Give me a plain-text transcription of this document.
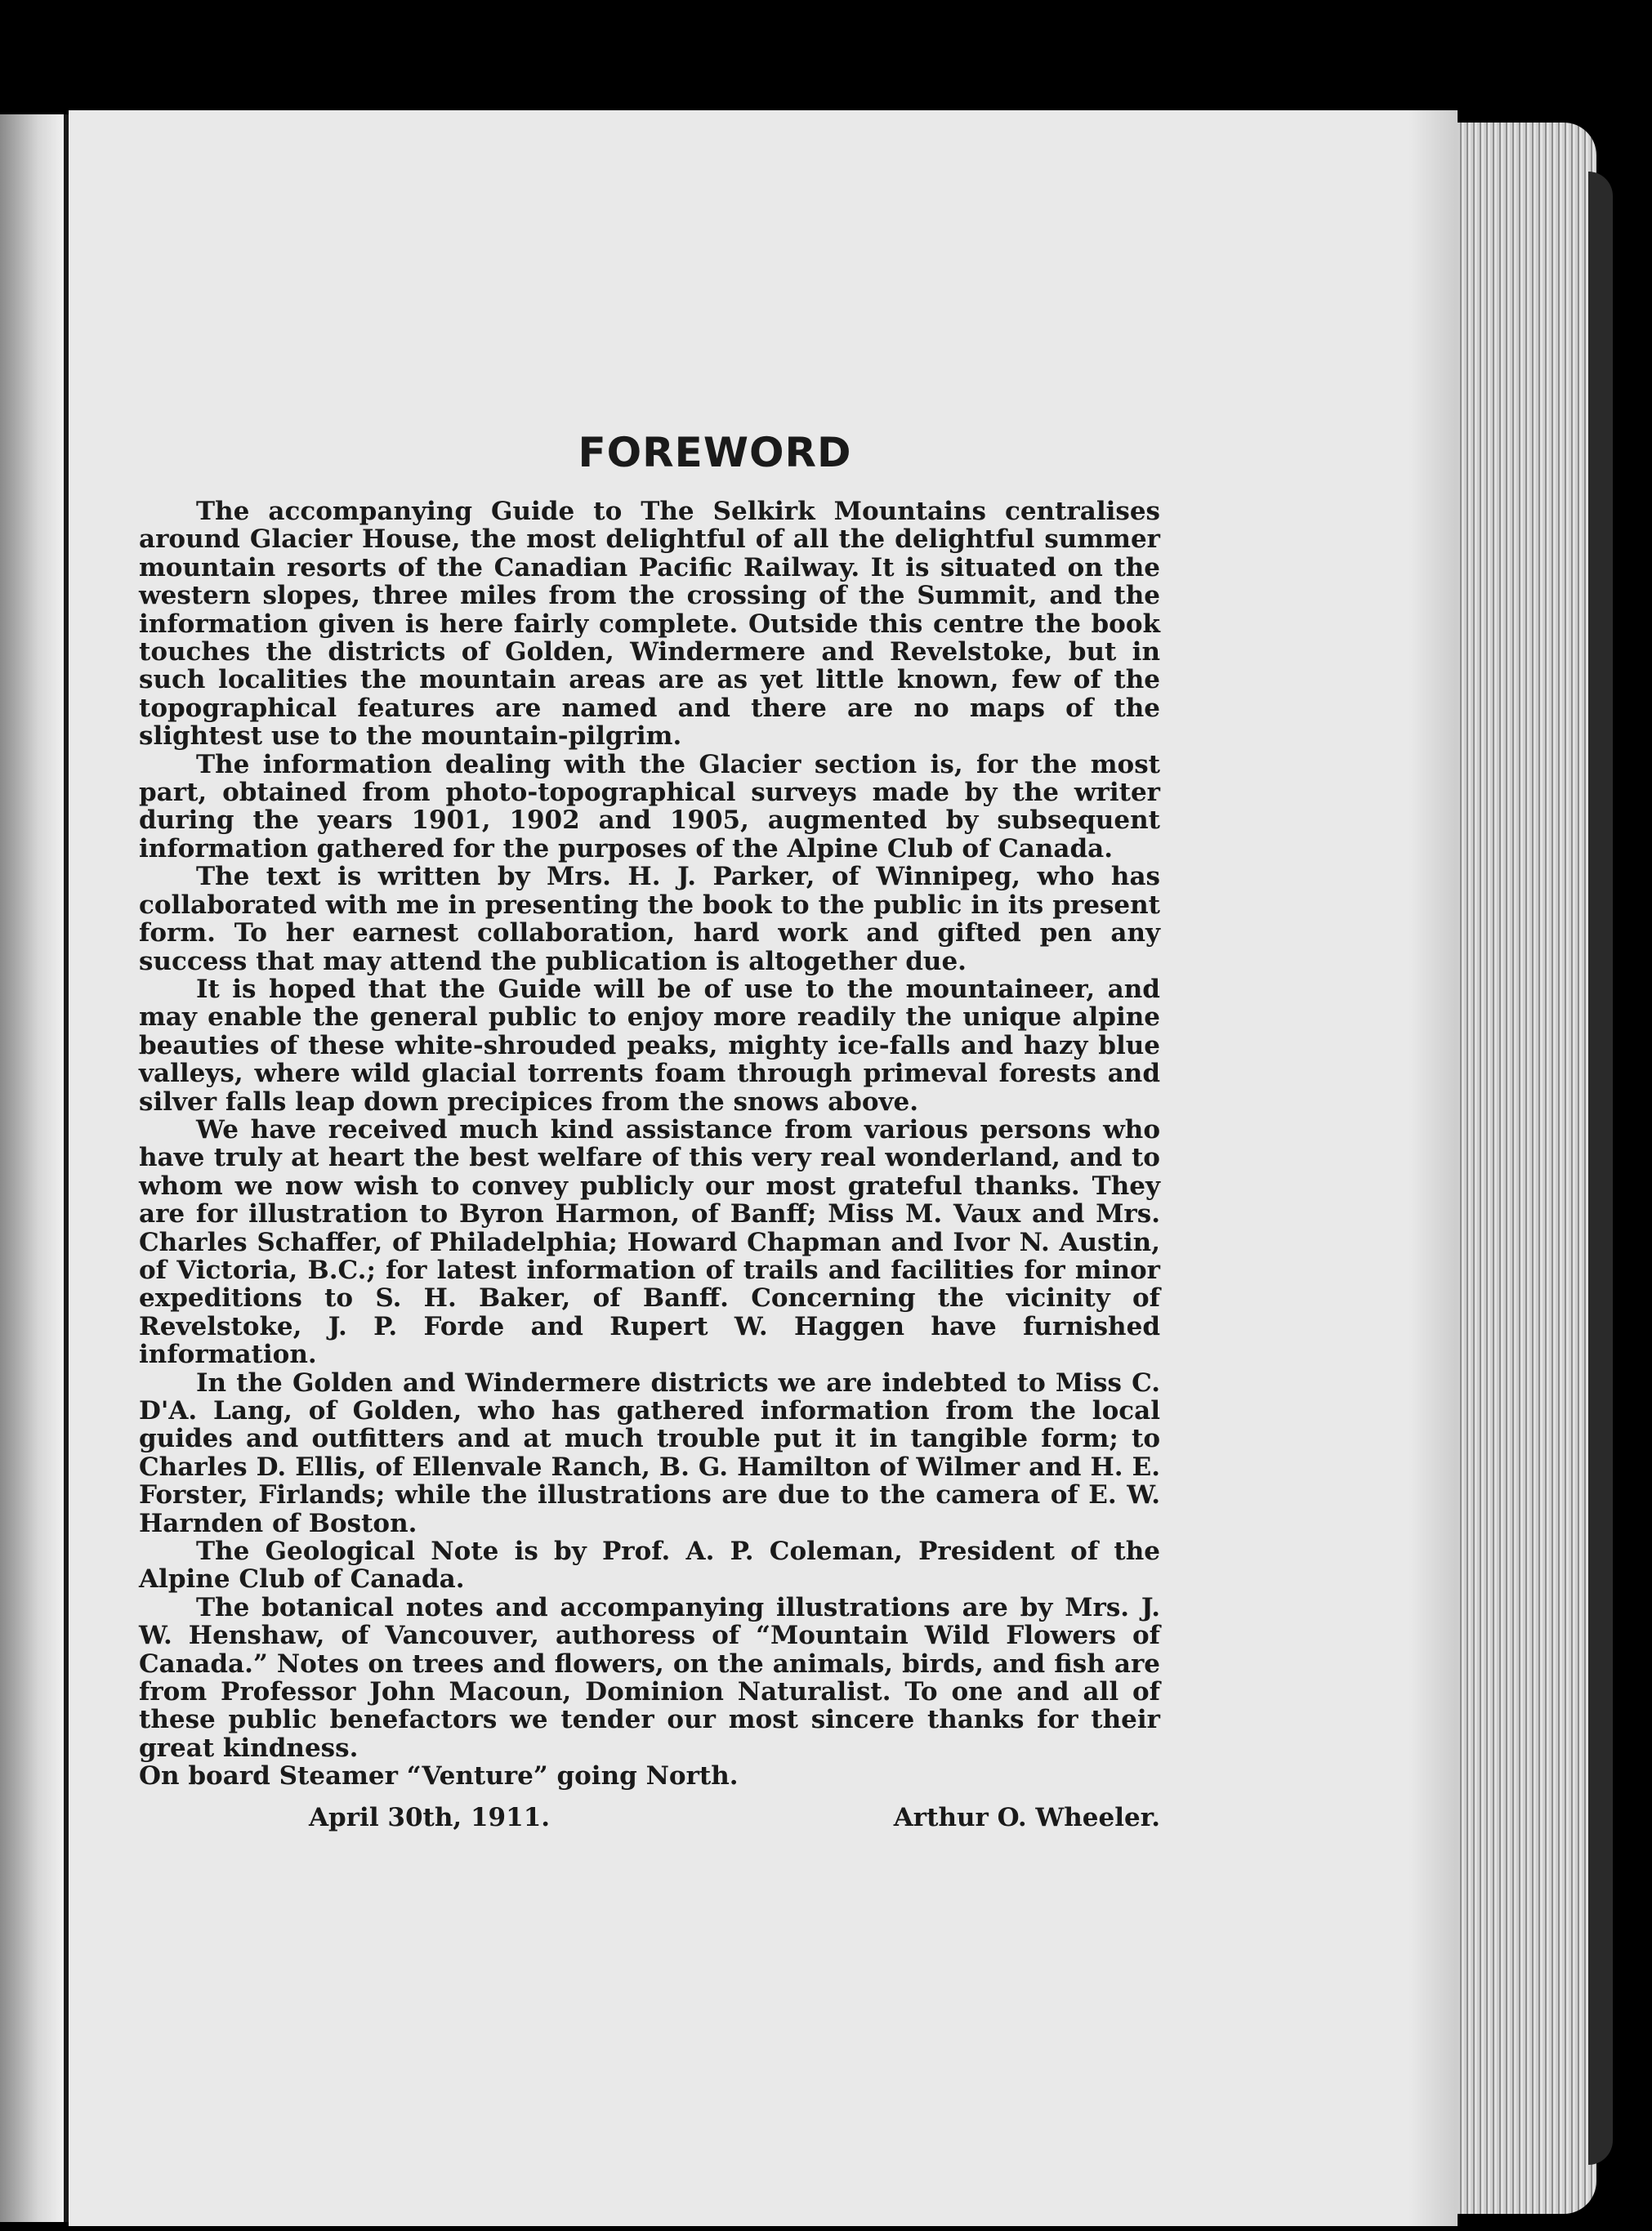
FOREWORD

The accompanying Guide to The Selkirk Mountains centralises around Glacier House, the most delightful of all the delightful summer mountain resorts of the Canadian Pacific Railway. It is situated on the western slopes, three miles from the crossing of the Summit, and the information given is here fairly complete. Outside this centre the book touches the districts of Golden, Windermere and Revelstoke, but in such localities the mountain areas are as yet little known, few of the topographical features are named and there are no maps of the slightest use to the mountain-pilgrim.

The information dealing with the Glacier section is, for the most part, obtained from photo-topographical surveys made by the writer during the years 1901, 1902 and 1905, augmented by subsequent information gathered for the purposes of the Alpine Club of Canada.

The text is written by Mrs. H. J. Parker, of Winnipeg, who has collaborated with me in presenting the book to the public in its present form. To her earnest collaboration, hard work and gifted pen any success that may attend the publication is altogether due.

It is hoped that the Guide will be of use to the mountaineer, and may enable the general public to enjoy more readily the unique alpine beauties of these white-shrouded peaks, mighty ice-falls and hazy blue valleys, where wild glacial torrents foam through primeval forests and silver falls leap down precipices from the snows above.

We have received much kind assistance from various persons who have truly at heart the best welfare of this very real wonderland, and to whom we now wish to convey publicly our most grateful thanks. They are for illustration to Byron Harmon, of Banff; Miss M. Vaux and Mrs. Charles Schaffer, of Philadelphia; Howard Chapman and Ivor N. Austin, of Victoria, B.C.; for latest information of trails and facilities for minor expeditions to S. H. Baker, of Banff. Concerning the vicinity of Revelstoke, J. P. Forde and Rupert W. Haggen have furnished information.

In the Golden and Windermere districts we are indebted to Miss C. D'A. Lang, of Golden, who has gathered information from the local guides and outfitters and at much trouble put it in tangible form; to Charles D. Ellis, of Ellenvale Ranch, B. G. Hamilton of Wilmer and H. E. Forster, Firlands; while the illustrations are due to the camera of E. W. Harnden of Boston.

The Geological Note is by Prof. A. P. Coleman, President of the Alpine Club of Canada.

The botanical notes and accompanying illustrations are by Mrs. J. W. Henshaw, of Vancouver, authoress of “Mountain Wild Flowers of Canada.” Notes on trees and flowers, on the animals, birds, and fish are from Professor John Macoun, Dominion Naturalist. To one and all of these public benefactors we tender our most sincere thanks for their great kindness.

On board Steamer “Venture” going North.

April 30th, 1911.	Arthur O. Wheeler.
